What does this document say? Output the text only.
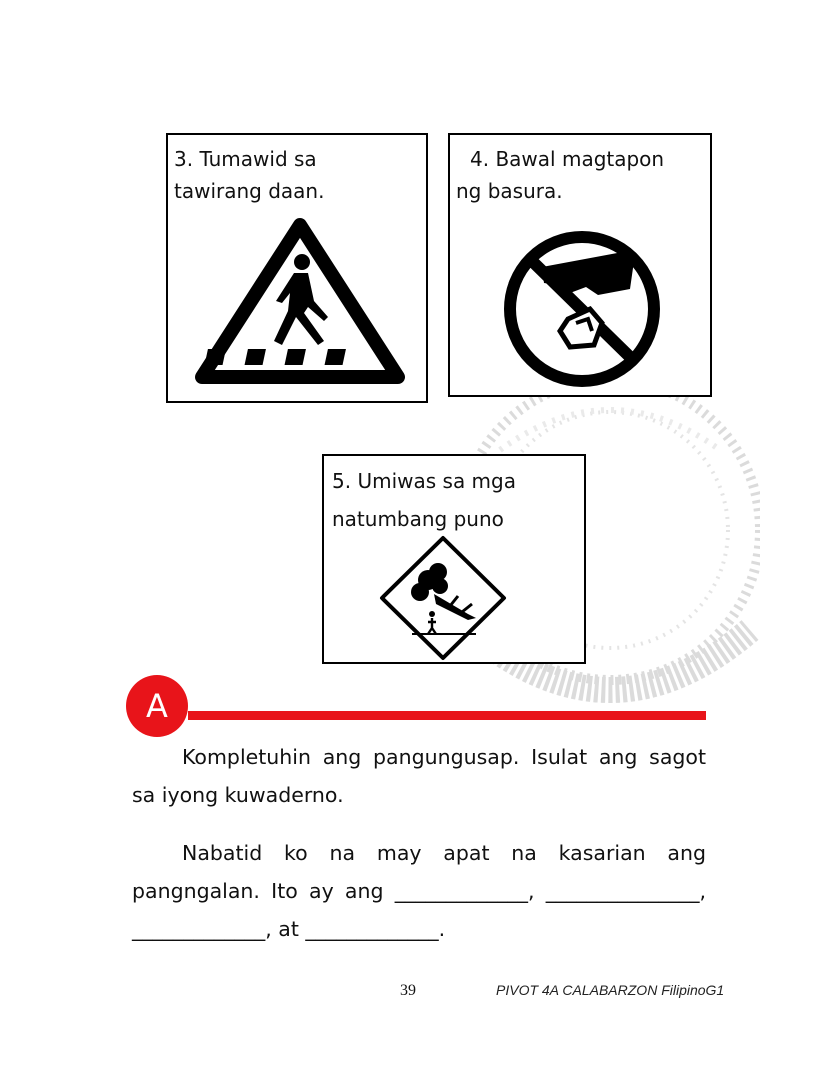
3. Tumawid sa
tawirang daan.
4. Bawal magtapon
ng basura.
5. Umiwas sa mga
natumbang puno
A
Kompletuhin ang pangungusap. Isulat ang sagot sa iyong kuwaderno.
Nabatid ko na may apat na kasarian ang pangngalan. Ito ay ang _____________, _______________, _____________, at _____________.
39	PIVOT 4A CALABARZON FilipinoG1
